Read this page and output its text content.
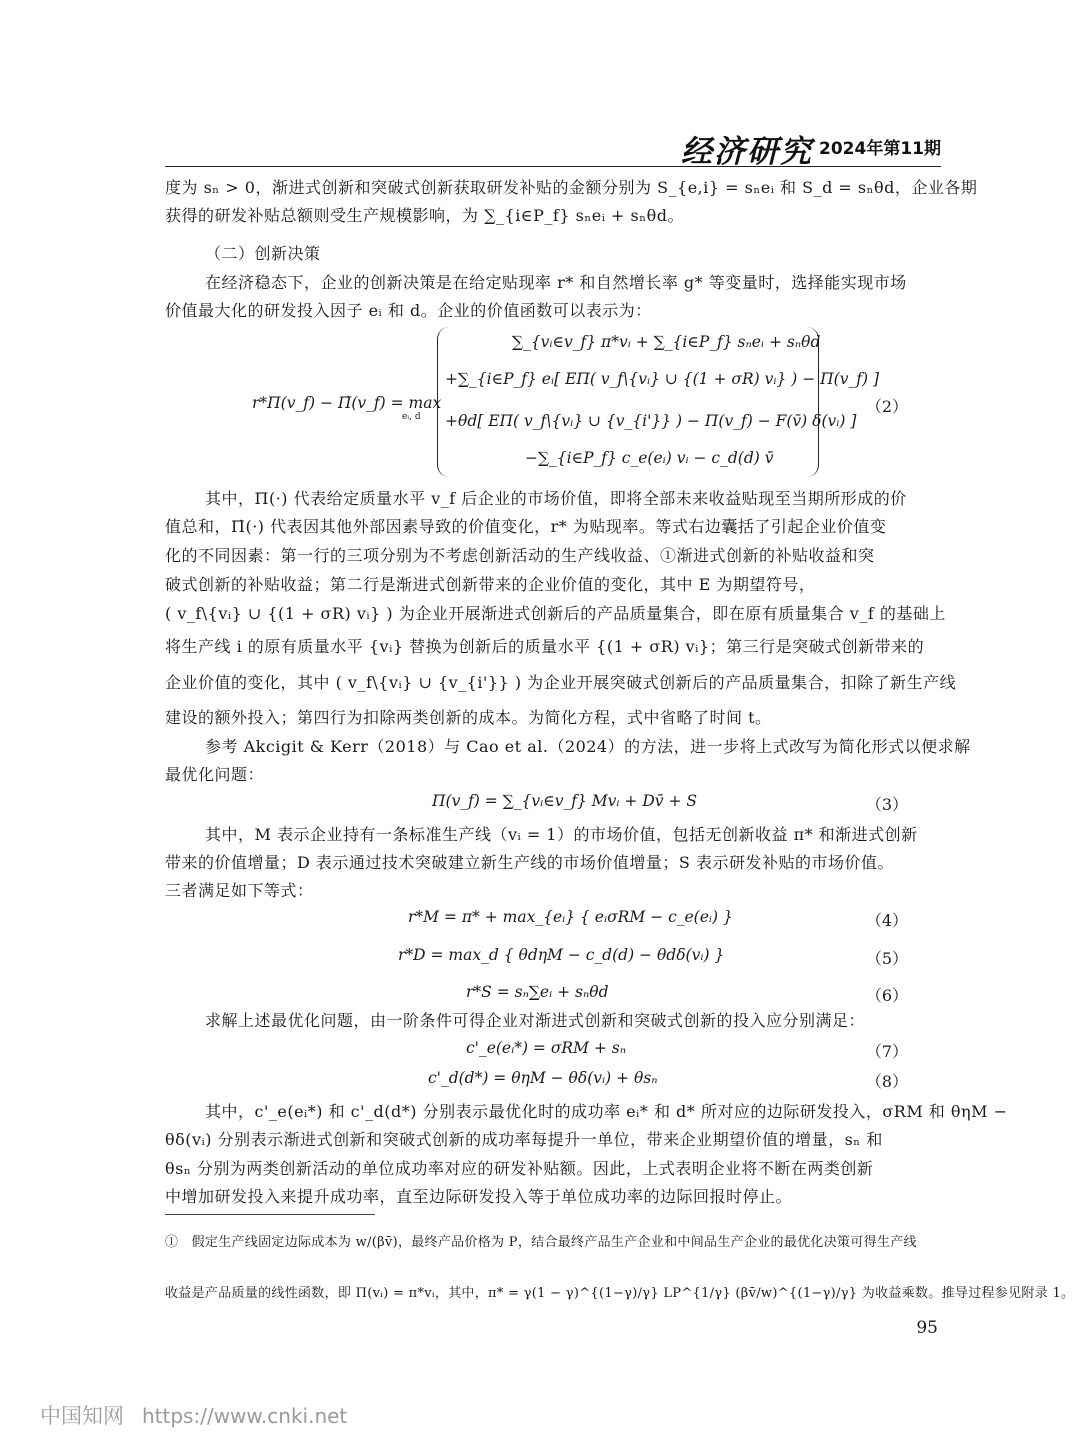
经济研究 2024年第11期
度为 sₙ > 0，渐进式创新和突破式创新获取研发补贴的金额分别为 S_{e,i} = sₙeᵢ 和 S_d = sₙθd，企业各期
获得的研发补贴总额则受生产规模影响，为 ∑_{i∈P_f} sₙeᵢ + sₙθd。
（二）创新决策
在经济稳态下，企业的创新决策是在给定贴现率 r* 和自然增长率 g* 等变量时，选择能实现市场
价值最大化的研发投入因子 eᵢ 和 d。企业的价值函数可以表示为：
r*Π(v_f) − Π̇(v_f) = max
eᵢ, d
∑_{vᵢ∈v_f} π*vᵢ + ∑_{i∈P_f} sₙeᵢ + sₙθd
+∑_{i∈P_f} eᵢ[ EΠ( v_f\{vᵢ} ∪ {(1 + σR) vᵢ} ) − Π(v_f) ]
+θd[ EΠ( v_f\{vᵢ} ∪ {v_{i'}} ) − Π(v_f) − F(v̄) δ(vᵢ) ]
−∑_{i∈P_f} c_e(eᵢ) vᵢ − c_d(d) v̄
（2）
其中，Π(·) 代表给定质量水平 v_f 后企业的市场价值，即将全部未来收益贴现至当期所形成的价
值总和，Π̇(·) 代表因其他外部因素导致的价值变化，r* 为贴现率。等式右边囊括了引起企业价值变
化的不同因素：第一行的三项分别为不考虑创新活动的生产线收益、①渐进式创新的补贴收益和突
破式创新的补贴收益；第二行是渐进式创新带来的企业价值的变化，其中 E 为期望符号，
( v_f\{vᵢ} ∪ {(1 + σR) vᵢ} ) 为企业开展渐进式创新后的产品质量集合，即在原有质量集合 v_f 的基础上
将生产线 i 的原有质量水平 {vᵢ} 替换为创新后的质量水平 {(1 + σR) vᵢ}；第三行是突破式创新带来的
企业价值的变化，其中 ( v_f\{vᵢ} ∪ {v_{i'}} ) 为企业开展突破式创新后的产品质量集合，扣除了新生产线
建设的额外投入；第四行为扣除两类创新的成本。为简化方程，式中省略了时间 t。
参考 Akcigit & Kerr（2018）与 Cao et al.（2024）的方法，进一步将上式改写为简化形式以便求解
最优化问题：
Π(v_f) = ∑_{vᵢ∈v_f} Mvᵢ + Dv̄ + S	（3）
其中，M 表示企业持有一条标准生产线（vᵢ = 1）的市场价值，包括无创新收益 π* 和渐进式创新
带来的价值增量；D 表示通过技术突破建立新生产线的市场价值增量；S 表示研发补贴的市场价值。
三者满足如下等式：
r*M = π* + max_{eᵢ} { eᵢσRM − c_e(eᵢ) }	（4）
r*D = max_d { θdηM − c_d(d) − θdδ(vᵢ) }	（5）
r*S = sₙ∑eᵢ + sₙθd	（6）
求解上述最优化问题，由一阶条件可得企业对渐进式创新和突破式创新的投入应分别满足：
c'_e(eᵢ*) = σRM + sₙ	（7）
c'_d(d*) = θηM − θδ(vᵢ) + θsₙ	（8）
其中，c'_e(eᵢ*) 和 c'_d(d*) 分别表示最优化时的成功率 eᵢ* 和 d* 所对应的边际研发投入，σRM 和 θηM −
θδ(vᵢ) 分别表示渐进式创新和突破式创新的成功率每提升一单位，带来企业期望价值的增量，sₙ 和
θsₙ 分别为两类创新活动的单位成功率对应的研发补贴额。因此，上式表明企业将不断在两类创新
中增加研发投入来提升成功率，直至边际研发投入等于单位成功率的边际回报时停止。
①　假定生产线固定边际成本为 w/(βv̄)，最终产品价格为 P，结合最终产品生产企业和中间品生产企业的最优化决策可得生产线
收益是产品质量的线性函数，即 Π(vᵢ) = π*vᵢ，其中，π* = γ(1 − γ)^{(1−γ)/γ} LP^{1/γ} (βv̄/w)^{(1−γ)/γ} 为收益乘数。推导过程参见附录 1。
95
中国知网 https://www.cnki.net
